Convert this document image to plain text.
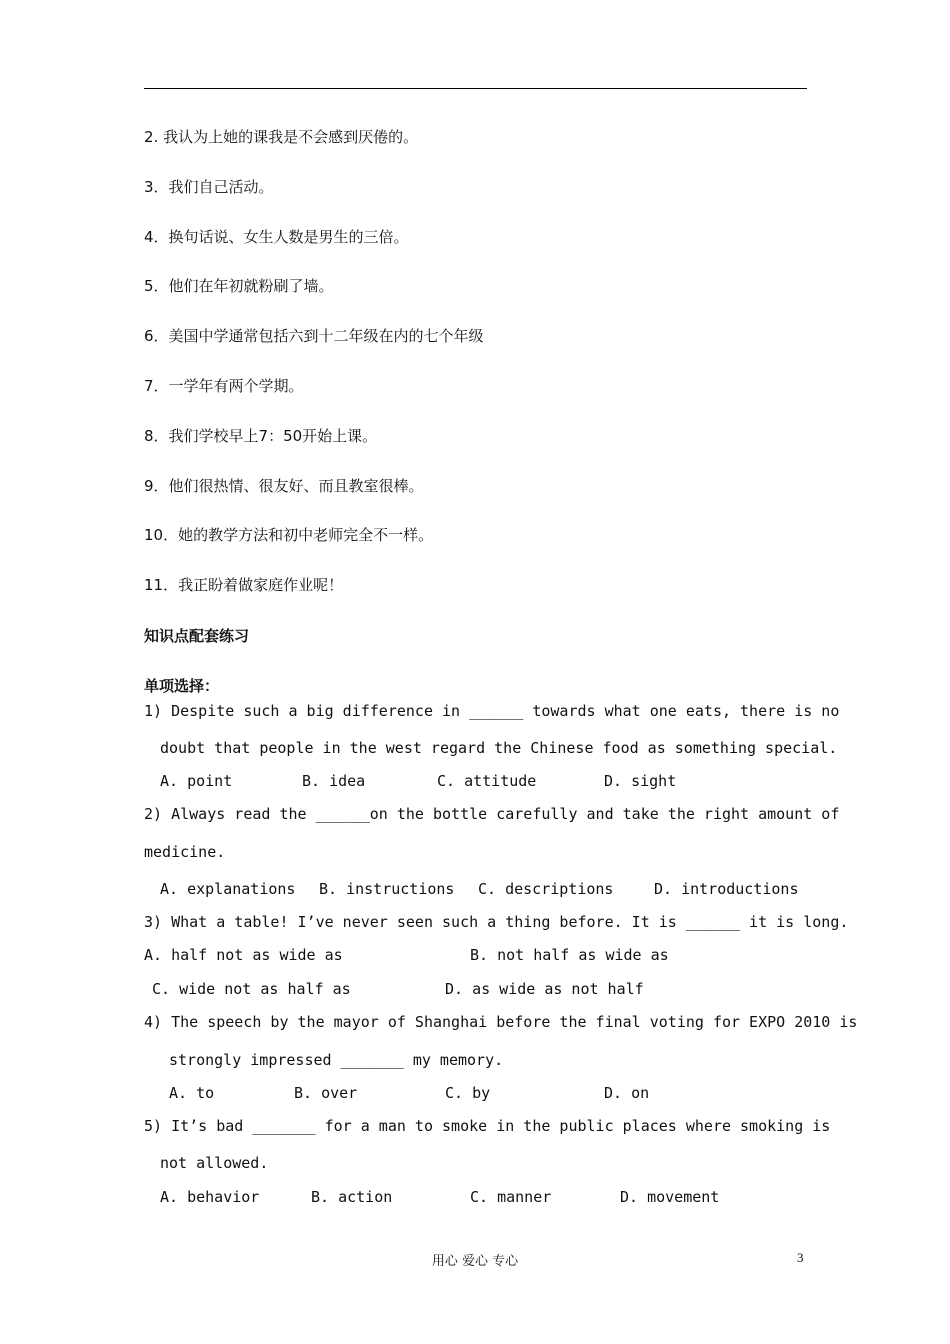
2. 我认为上她的课我是不会感到厌倦的。
3．我们自己活动。
4．换句话说、女生人数是男生的三倍。
5．他们在年初就粉刷了墙。
6．美国中学通常包括六到十二年级在内的七个年级
7．一学年有两个学期。
8．我们学校早上7：50开始上课。
9．他们很热情、很友好、而且教室很棒。
10．她的教学方法和初中老师完全不一样。
11．我正盼着做家庭作业呢！
知识点配套练习
单项选择：
1) Despite such a big difference in ______ towards what one eats, there is no
doubt that people in the west regard the Chinese food as something special.
A. point	B. idea	C. attitude	D. sight
2) Always read the ______on the bottle carefully and take the right amount of
medicine.
A. explanations B. instructions C. descriptions	D. introductions
3) What a table! I’ve never seen such a thing before. It is ______ it is long.
A. half not as wide as	B. not half as wide as
C. wide not as half as	D. as wide as not half
4) The speech by the mayor of Shanghai before the final voting for EXPO 2010 is
strongly impressed _______ my memory.
A. to	B. over	C. by	D. on
5) It’s bad _______ for a man to smoke in the public places where smoking is
not allowed.
A. behavior	B. action	C. manner	D. movement
用心 爱心 专心	3
